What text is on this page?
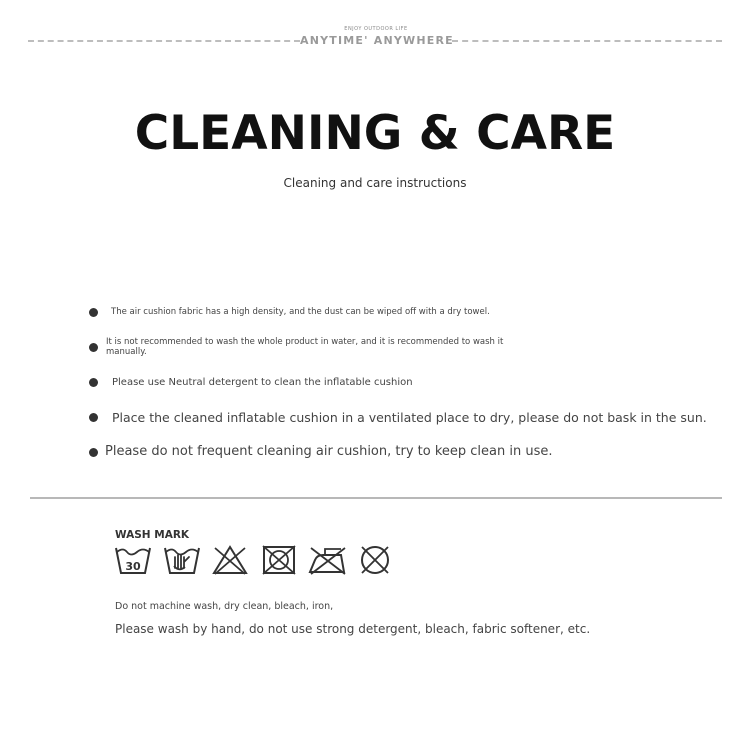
ENJOY OUTDOOR LIFE
ANYTIME' ANYWHERE
CLEANING & CARE
Cleaning and care instructions
The air cushion fabric has a high density, and the dust can be wiped off with a dry towel.
It is not recommended to wash the whole product in water, and it is recommended to wash it manually.
Please use Neutral detergent to clean the inflatable cushion
Place the cleaned inflatable cushion in a ventilated place to dry, please do not bask in the sun.
Please do not frequent cleaning air cushion, try to keep clean in use.
WASH MARK
30
Do not machine wash, dry clean, bleach, iron,
Please wash by hand, do not use strong detergent, bleach, fabric softener, etc.
